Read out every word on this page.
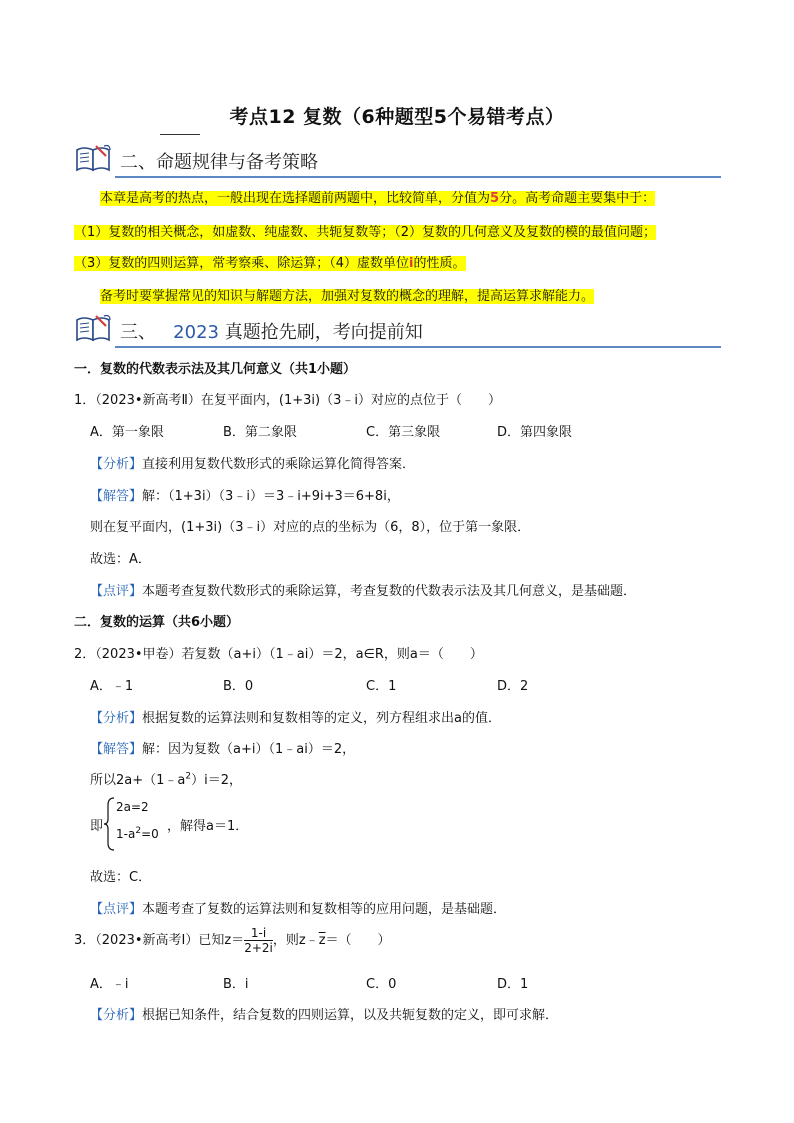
考点12 复数（6种题型5个易错考点）
二、命题规律与备考策略
本章是高考的热点，一般出现在选择题前两题中，比较简单，分值为5分。高考命题主要集中于：
（1）复数的相关概念，如虚数、纯虚数、共轭复数等；（2）复数的几何意义及复数的模的最值问题；
（3）复数的四则运算，常考察乘、除运算；（4）虚数单位i的性质。
备考时要掌握常见的知识与解题方法，加强对复数的概念的理解，提高运算求解能力。
三、 2023 真题抢先刷，考向提前知
一．复数的代数表示法及其几何意义（共1小题）
1．（2023•新高考Ⅱ）在复平面内，(1+3i)（3﹣i）对应的点位于（　　）
A．第一象限	B．第二象限	C．第三象限	D．第四象限
【分析】直接利用复数代数形式的乘除运算化简得答案．
【解答】解：（1+3i）（3﹣i）＝3﹣i+9i+3＝6+8i，
则在复平面内，(1+3i)（3﹣i）对应的点的坐标为（6，8），位于第一象限．
故选：A．
【点评】本题考查复数代数形式的乘除运算，考查复数的代数表示法及其几何意义，是基础题．
二．复数的运算（共6小题）
2．（2023•甲卷）若复数（a+i）（1﹣ai）＝2，a∈R，则a＝（　　）
A．﹣1	B．0	C．1	D．2
【分析】根据复数的运算法则和复数相等的定义，列方程组求出a的值．
【解答】解：因为复数（a+i）（1﹣ai）＝2，
所以$2a+(1﹣a^2)i=2$，
即
2a=2
$1-a^2=0$ ，解得a＝1．
故选：C．
【点评】本题考查了复数的运算法则和复数相等的应用问题，是基础题．
3．（2023•新高考Ⅰ）已知$z= \frac{1-i}{2+2i}$ ，则$z﹣\overline{z}=$（　　）
A．﹣i	B．i	C．0	D．1
【分析】根据已知条件，结合复数的四则运算，以及共轭复数的定义，即可求解．
